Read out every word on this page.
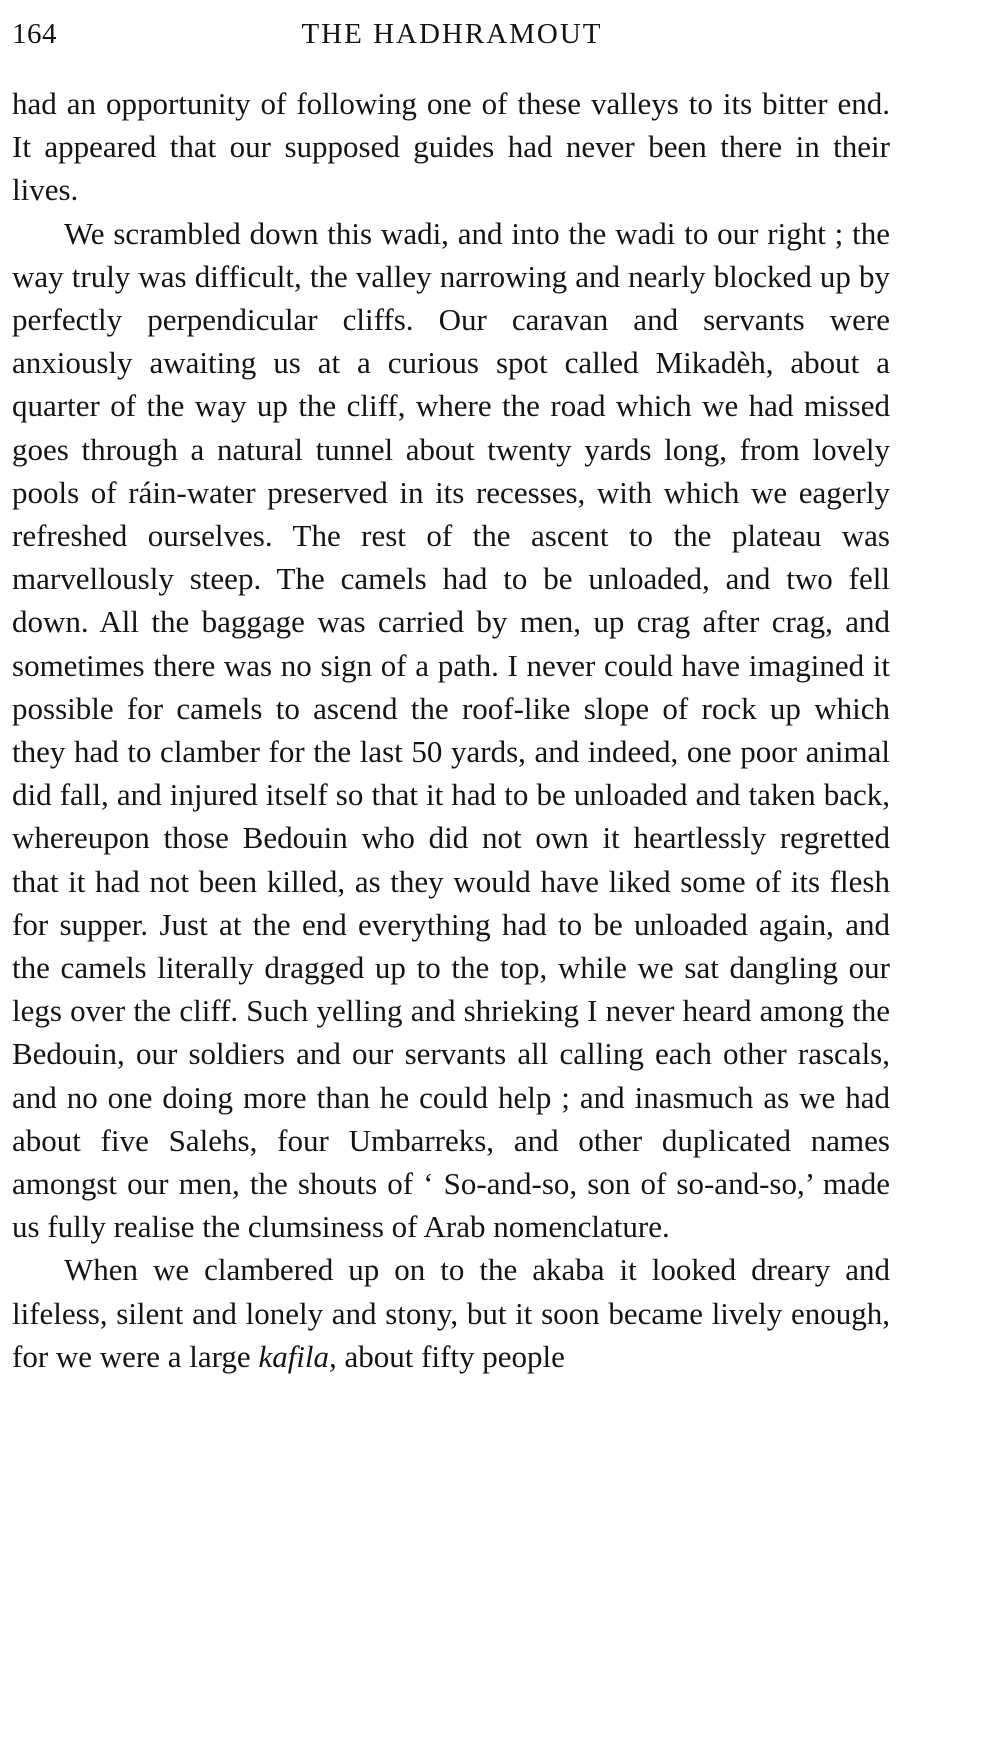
164	THE HADHRAMOUT

had an opportunity of following one of these valleys to its bitter end. It appeared that our supposed guides had never been there in their lives.

We scrambled down this wadi, and into the wadi to our right ; the way truly was difficult, the valley narrowing and nearly blocked up by perfectly perpendicular cliffs. Our caravan and servants were anxiously awaiting us at a curious spot called Mikadèh, about a quarter of the way up the cliff, where the road which we had missed goes through a natural tunnel about twenty yards long, from lovely pools of ráin-water preserved in its recesses, with which we eagerly refreshed ourselves. The rest of the ascent to the plateau was marvellously steep. The camels had to be unloaded, and two fell down. All the baggage was carried by men, up crag after crag, and sometimes there was no sign of a path. I never could have imagined it possible for camels to ascend the roof-like slope of rock up which they had to clamber for the last 50 yards, and indeed, one poor animal did fall, and injured itself so that it had to be unloaded and taken back, whereupon those Bedouin who did not own it heartlessly regretted that it had not been killed, as they would have liked some of its flesh for supper. Just at the end everything had to be unloaded again, and the camels literally dragged up to the top, while we sat dangling our legs over the cliff. Such yelling and shrieking I never heard among the Bedouin, our soldiers and our servants all calling each other rascals, and no one doing more than he could help ; and inasmuch as we had about five Salehs, four Umbarreks, and other duplicated names amongst our men, the shouts of ‘ So-and-so, son of so-and-so,’ made us fully realise the clumsiness of Arab nomenclature.

When we clambered up on to the akaba it looked dreary and lifeless, silent and lonely and stony, but it soon became lively enough, for we were a large kafila, about fifty people
